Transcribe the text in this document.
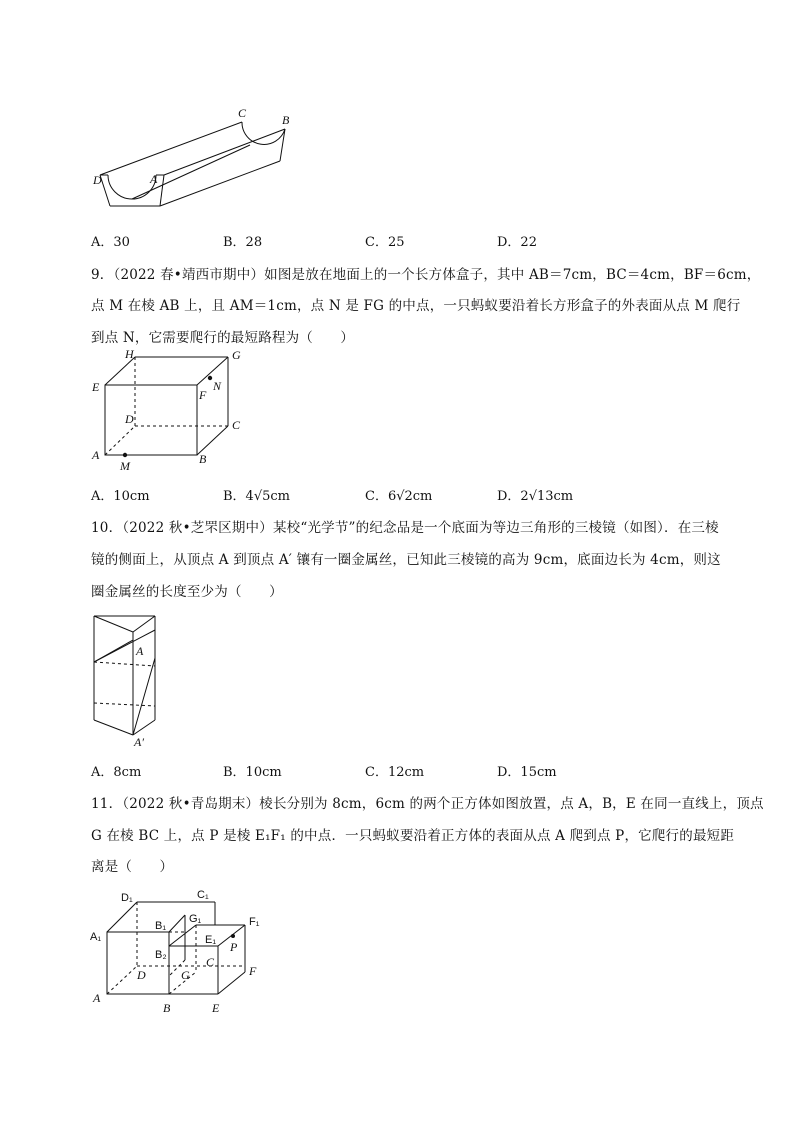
C	B
D	A
A．30	B．28	C．25	D．22
9．（2022 春•靖西市期中）如图是放在地面上的一个长方体盒子，其中 AB＝7cm，BC＝4cm，BF＝6cm，
点 M 在棱 AB 上，且 AM＝1cm，点 N 是 FG 的中点，一只蚂蚁要沿着长方形盒子的外表面从点 M 爬行
到点 N，它需要爬行的最短路程为（　　）
H	G
E
F
N
D	C
A
M	B
A．10cm	B．4√5cm	C．6√2cm	D．2√13cm
10．（2022 秋•芝罘区期中）某校“光学节”的纪念品是一个底面为等边三角形的三棱镜（如图）．在三棱
镜的侧面上，从顶点 A 到顶点 A′ 镶有一圈金属丝，已知此三棱镜的高为 9cm，底面边长为 4cm，则这
圈金属丝的长度至少为（　　）
A
A′
A．8cm	B．10cm	C．12cm	D．15cm
11．（2022 秋•青岛期末）棱长分别为 8cm，6cm 的两个正方体如图放置，点 A，B，E 在同一直线上，顶点
G 在棱 BC 上，点 P 是棱 E₁F₁ 的中点．一只蚂蚁要沿着正方体的表面从点 A 爬到点 P，它爬行的最短距
离是（　　）
D₁	C₁
A₁
B₁
G₁	F₁
E₁ P
B₂	C
D	G	F
A
B	E
